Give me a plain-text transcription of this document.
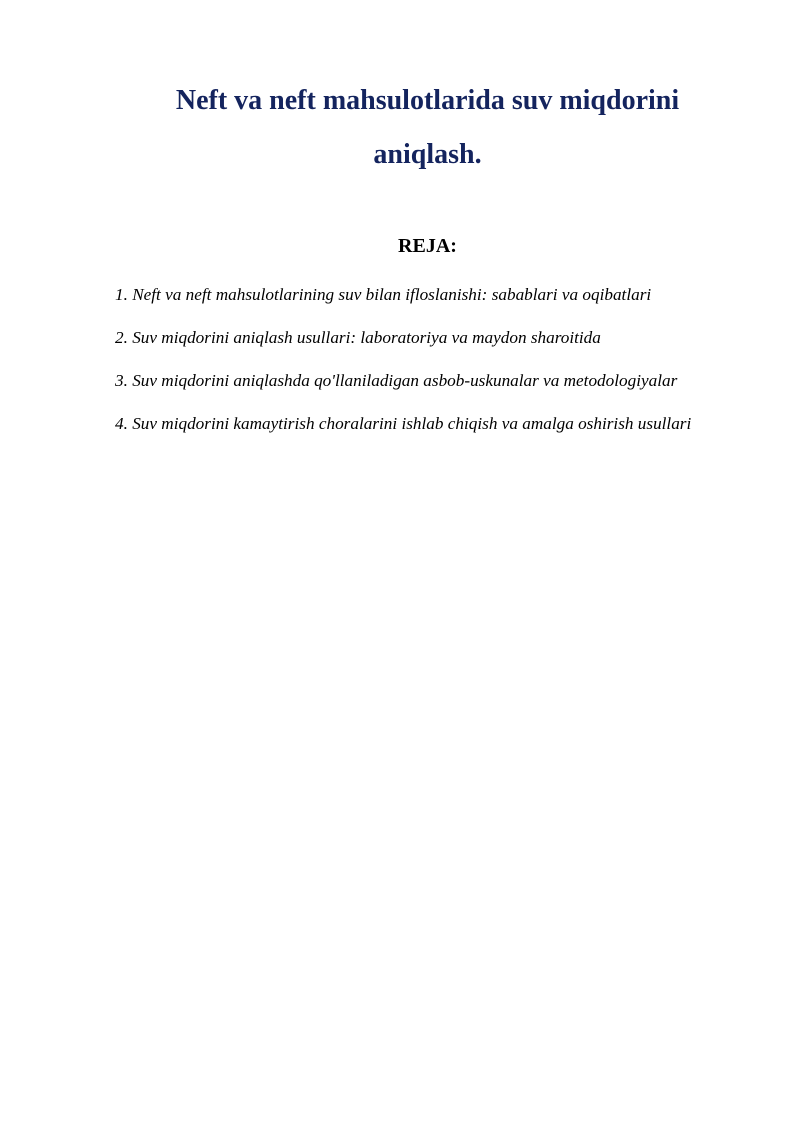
Neft va neft mahsulotlarida suv miqdorini
aniqlash.
REJA:
1. Neft va neft mahsulotlarining suv bilan ifloslanishi: sabablari va oqibatlari
2. Suv miqdorini aniqlash usullari: laboratoriya va maydon sharoitida
3. Suv miqdorini aniqlashda qo'llaniladigan asbob-uskunalar va metodologiyalar
4. Suv miqdorini kamaytirish choralarini ishlab chiqish va amalga oshirish usullari
